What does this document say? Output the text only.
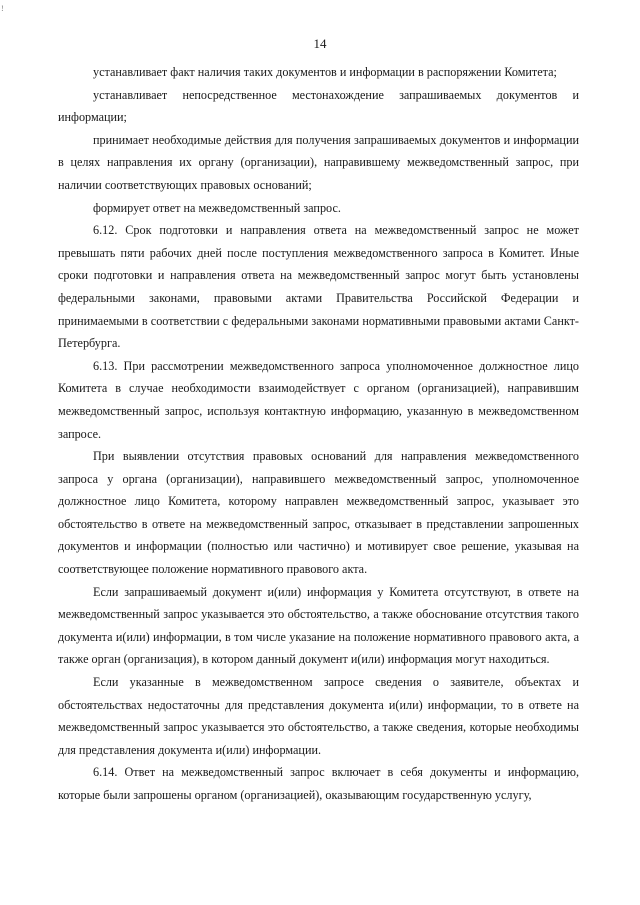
!
14

устанавливает факт наличия таких документов и информации в распоряжении Комитета;

устанавливает непосредственное местонахождение запрашиваемых документов и информации;

принимает необходимые действия для получения запрашиваемых документов и информации в целях направления их органу (организации), направившему межведомственный запрос, при наличии соответствующих правовых оснований;

формирует ответ на межведомственный запрос.

6.12. Срок подготовки и направления ответа на межведомственный запрос не может превышать пяти рабочих дней после поступления межведомственного запроса в Комитет. Иные сроки подготовки и направления ответа на межведомственный запрос могут быть установлены федеральными законами, правовыми актами Правительства Российской Федерации и принимаемыми в соответствии с федеральными законами нормативными правовыми актами Санкт-Петербурга.

6.13. При рассмотрении межведомственного запроса уполномоченное должностное лицо Комитета в случае необходимости взаимодействует с органом (организацией), направившим межведомственный запрос, используя контактную информацию, указанную в межведомственном запросе.

При выявлении отсутствия правовых оснований для направления межведомственного запроса у органа (организации), направившего межведомственный запрос, уполномоченное должностное лицо Комитета, которому направлен межведомственный запрос, указывает это обстоятельство в ответе на межведомственный запрос, отказывает в представлении запрошенных документов и информации (полностью или частично) и мотивирует свое решение, указывая на соответствующее положение нормативного правового акта.

Если запрашиваемый документ и(или) информация у Комитета отсутствуют, в ответе на межведомственный запрос указывается это обстоятельство, а также обоснование отсутствия такого документа и(или) информации, в том числе указание на положение нормативного правового акта, а также орган (организация), в котором данный документ и(или) информация могут находиться.

Если указанные в межведомственном запросе сведения о заявителе, объектах и обстоятельствах недостаточны для представления документа и(или) информации, то в ответе на межведомственный запрос указывается это обстоятельство, а также сведения, которые необходимы для представления документа и(или) информации.

6.14. Ответ на межведомственный запрос включает в себя документы и информацию, которые были запрошены органом (организацией), оказывающим государственную услугу,
